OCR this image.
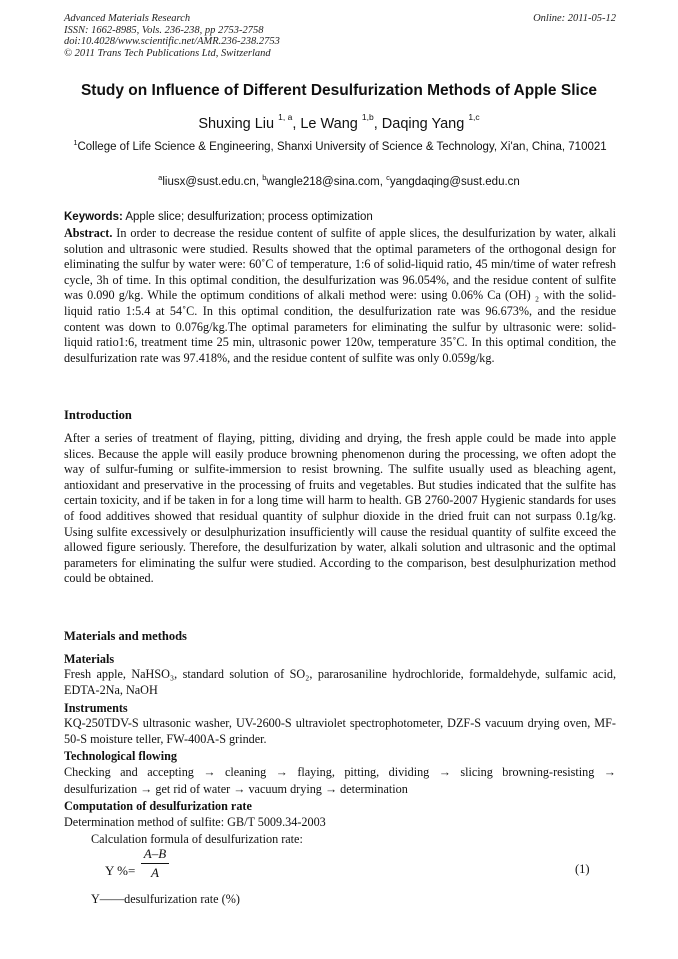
Advanced Materials Research	Online: 2011-05-12
ISSN: 1662-8985, Vols. 236-238, pp 2753-2758
doi:10.4028/www.scientific.net/AMR.236-238.2753
© 2011 Trans Tech Publications Ltd, Switzerland
Study on Influence of Different Desulfurization Methods of Apple Slice
Shuxing Liu $^{1, a}$, Le Wang $^{1,b}$, Daqing Yang $^{1,c}$
$^1$College of Life Science & Engineering, Shanxi University of Science & Technology, Xi'an, China, 710021
$^a$liusx@sust.edu.cn, $^b$wangle218@sina.com, $^c$yangdaqing@sust.edu.cn
Keywords: Apple slice; desulfurization; process optimization
Abstract. In order to decrease the residue content of sulfite of apple slices, the desulfurization by water, alkali solution and ultrasonic were studied. Results showed that the optimal parameters of the orthogonal design for eliminating the sulfur by water were: 60˚C of temperature, 1:6 of solid-liquid ratio, 45 min/time of water refresh cycle, 3h of time. In this optimal condition, the desulfurization was 96.054%, and the residue content of sulfite was 0.090 g/kg. While the optimum conditions of alkali method were: using 0.06% Ca (OH) ₂ with the solid-liquid ratio 1:5.4 at 54˚C. In this optimal condition, the desulfurization rate was 96.673%, and the residue content was down to 0.076g/kg.The optimal parameters for eliminating the sulfur by ultrasonic were: solid-liquid ratio1:6, treatment time 25 min, ultrasonic power 120w, temperature 35˚C. In this optimal condition, the desulfurization rate was 97.418%, and the residue content of sulfite was only 0.059g/kg.
Introduction
After a series of treatment of flaying, pitting, dividing and drying, the fresh apple could be made into apple slices. Because the apple will easily produce browning phenomenon during the processing, we often adopt the way of sulfur-fuming or sulfite-immersion to resist browning. The sulfite usually used as bleaching agent, antioxidant and preservative in the processing of fruits and vegetables. But studies indicated that the sulfite has certain toxicity, and if be taken in for a long time will harm to health. GB 2760-2007 Hygienic standards for uses of food additives showed that residual quantity of sulphur dioxide in the dried fruit can not surpass 0.1g/kg. Using sulfite excessively or desulphurization insufficiently will cause the residual quantity of sulfite exceed the allowed figure seriously. Therefore, the desulfurization by water, alkali solution and ultrasonic and the optimal parameters for eliminating the sulfur were studied. According to the comparison, best desulphurization method could be obtained.
Materials and methods
Materials
Fresh apple, NaHSO₃, standard solution of SO₂, pararosaniline hydrochloride, formaldehyde, sulfamic acid, EDTA-2Na, NaOH
Instruments
KQ-250TDV-S ultrasonic washer, UV-2600-S ultraviolet spectrophotometer, DZF-S vacuum drying oven, MF-50-S moisture teller, FW-400A-S grinder.
Technological flowing
Checking and accepting → cleaning → flaying, pitting, dividing → slicing browning-resisting →
desulfurization → get rid of water → vacuum drying → determination
Computation of desulfurization rate
Determination method of sulfite: GB/T 5009.34-2003
Calculation formula of desulfurization rate:
Y %= $\frac{A-B}{A}$	(1)
Y——desulfurization rate (%)
